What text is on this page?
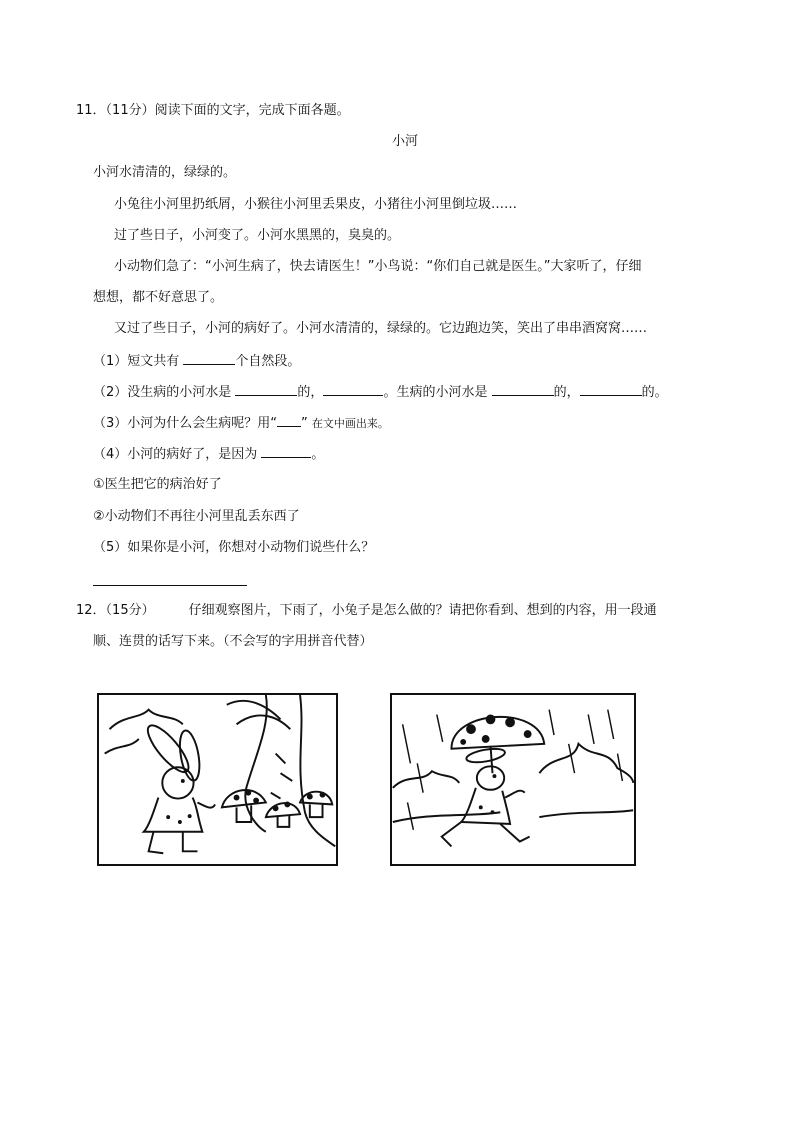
11．（11分）阅读下面的文字，完成下面各题。
小河
小河水清清的，绿绿的。
小兔往小河里扔纸屑，小猴往小河里丢果皮，小猪往小河里倒垃圾……
过了些日子，小河变了。小河水黑黑的，臭臭的。
小动物们急了：“小河生病了，快去请医生！”小鸟说：“你们自己就是医生。”大家听了，仔细
想想，都不好意思了。
又过了些日子，小河的病好了。小河水清清的，绿绿的。它边跑边笑，笑出了串串酒窝窝……
（1）短文共有	个自然段。
（2）没生病的小河水是	的，	。生病的小河水是	的，	的。
（3）小河为什么会生病呢？用“ ” 在文中画出来。
（4）小河的病好了，是因为	。
①医生把它的病治好了
②小动物们不再往小河里乱丢东西了
（5）如果你是小河，你想对小动物们说些什么？
12．（15分）	仔细观察图片，下雨了，小兔子是怎么做的？请把你看到、想到的内容，用一段通
顺、连贯的话写下来。（不会写的字用拼音代替）
